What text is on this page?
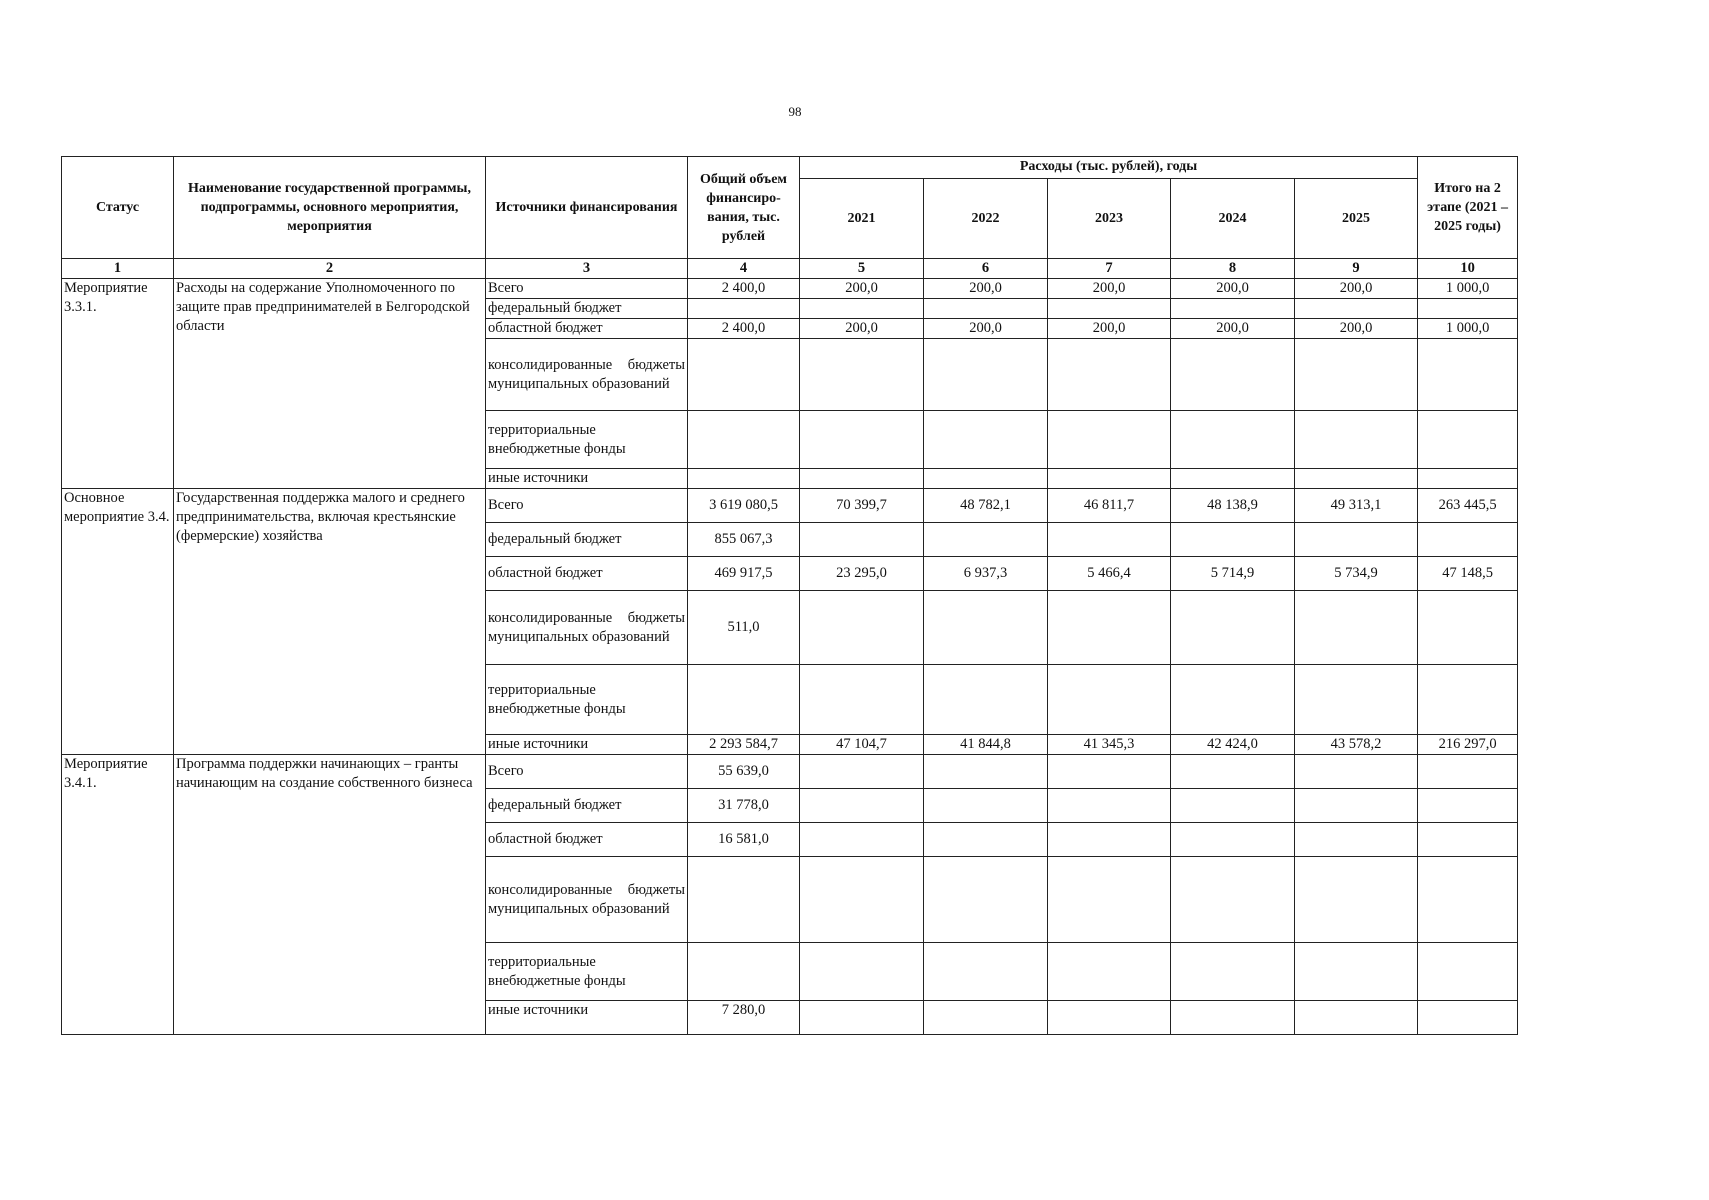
98
Статус	Наименование государственной программы, подпрограммы, основного мероприятия, мероприятия	Источники финансирования	Общий объем финансиро-вания, тыс. рублей	Расходы (тыс. рублей), годы					Итого на 2 этапе (2021 – 2025 годы)
				2021	2022	2023	2024	2025	
1	2	3	4	5	6	7	8	9	10
Мероприятие 3.3.1.	Расходы на содержание Уполномоченного по защите прав предпринимателей в Белгородской области	Всего	2 400,0	200,0	200,0	200,0	200,0	200,0	1 000,0
		федеральный бюджет							
		областной бюджет	2 400,0	200,0	200,0	200,0	200,0	200,0	1 000,0
		консолидированные бюджеты муниципальных образований							
		территориальные внебюджетные фонды							
		иные источники							
Основное мероприятие 3.4.	Государственная поддержка малого и среднего предпринимательства, включая крестьянские (фермерские) хозяйства	Всего	3 619 080,5	70 399,7	48 782,1	46 811,7	48 138,9	49 313,1	263 445,5
		федеральный бюджет	855 067,3						
		областной бюджет	469 917,5	23 295,0	6 937,3	5 466,4	5 714,9	5 734,9	47 148,5
		консолидированные бюджеты муниципальных образований	511,0						
		территориальные внебюджетные фонды							
		иные источники	2 293 584,7	47 104,7	41 844,8	41 345,3	42 424,0	43 578,2	216 297,0
Мероприятие 3.4.1.	Программа поддержки начинающих – гранты начинающим на создание собственного бизнеса	Всего	55 639,0						
		федеральный бюджет	31 778,0						
		областной бюджет	16 581,0						
		консолидированные бюджеты муниципальных образований							
		территориальные внебюджетные фонды							
		иные источники	7 280,0						
